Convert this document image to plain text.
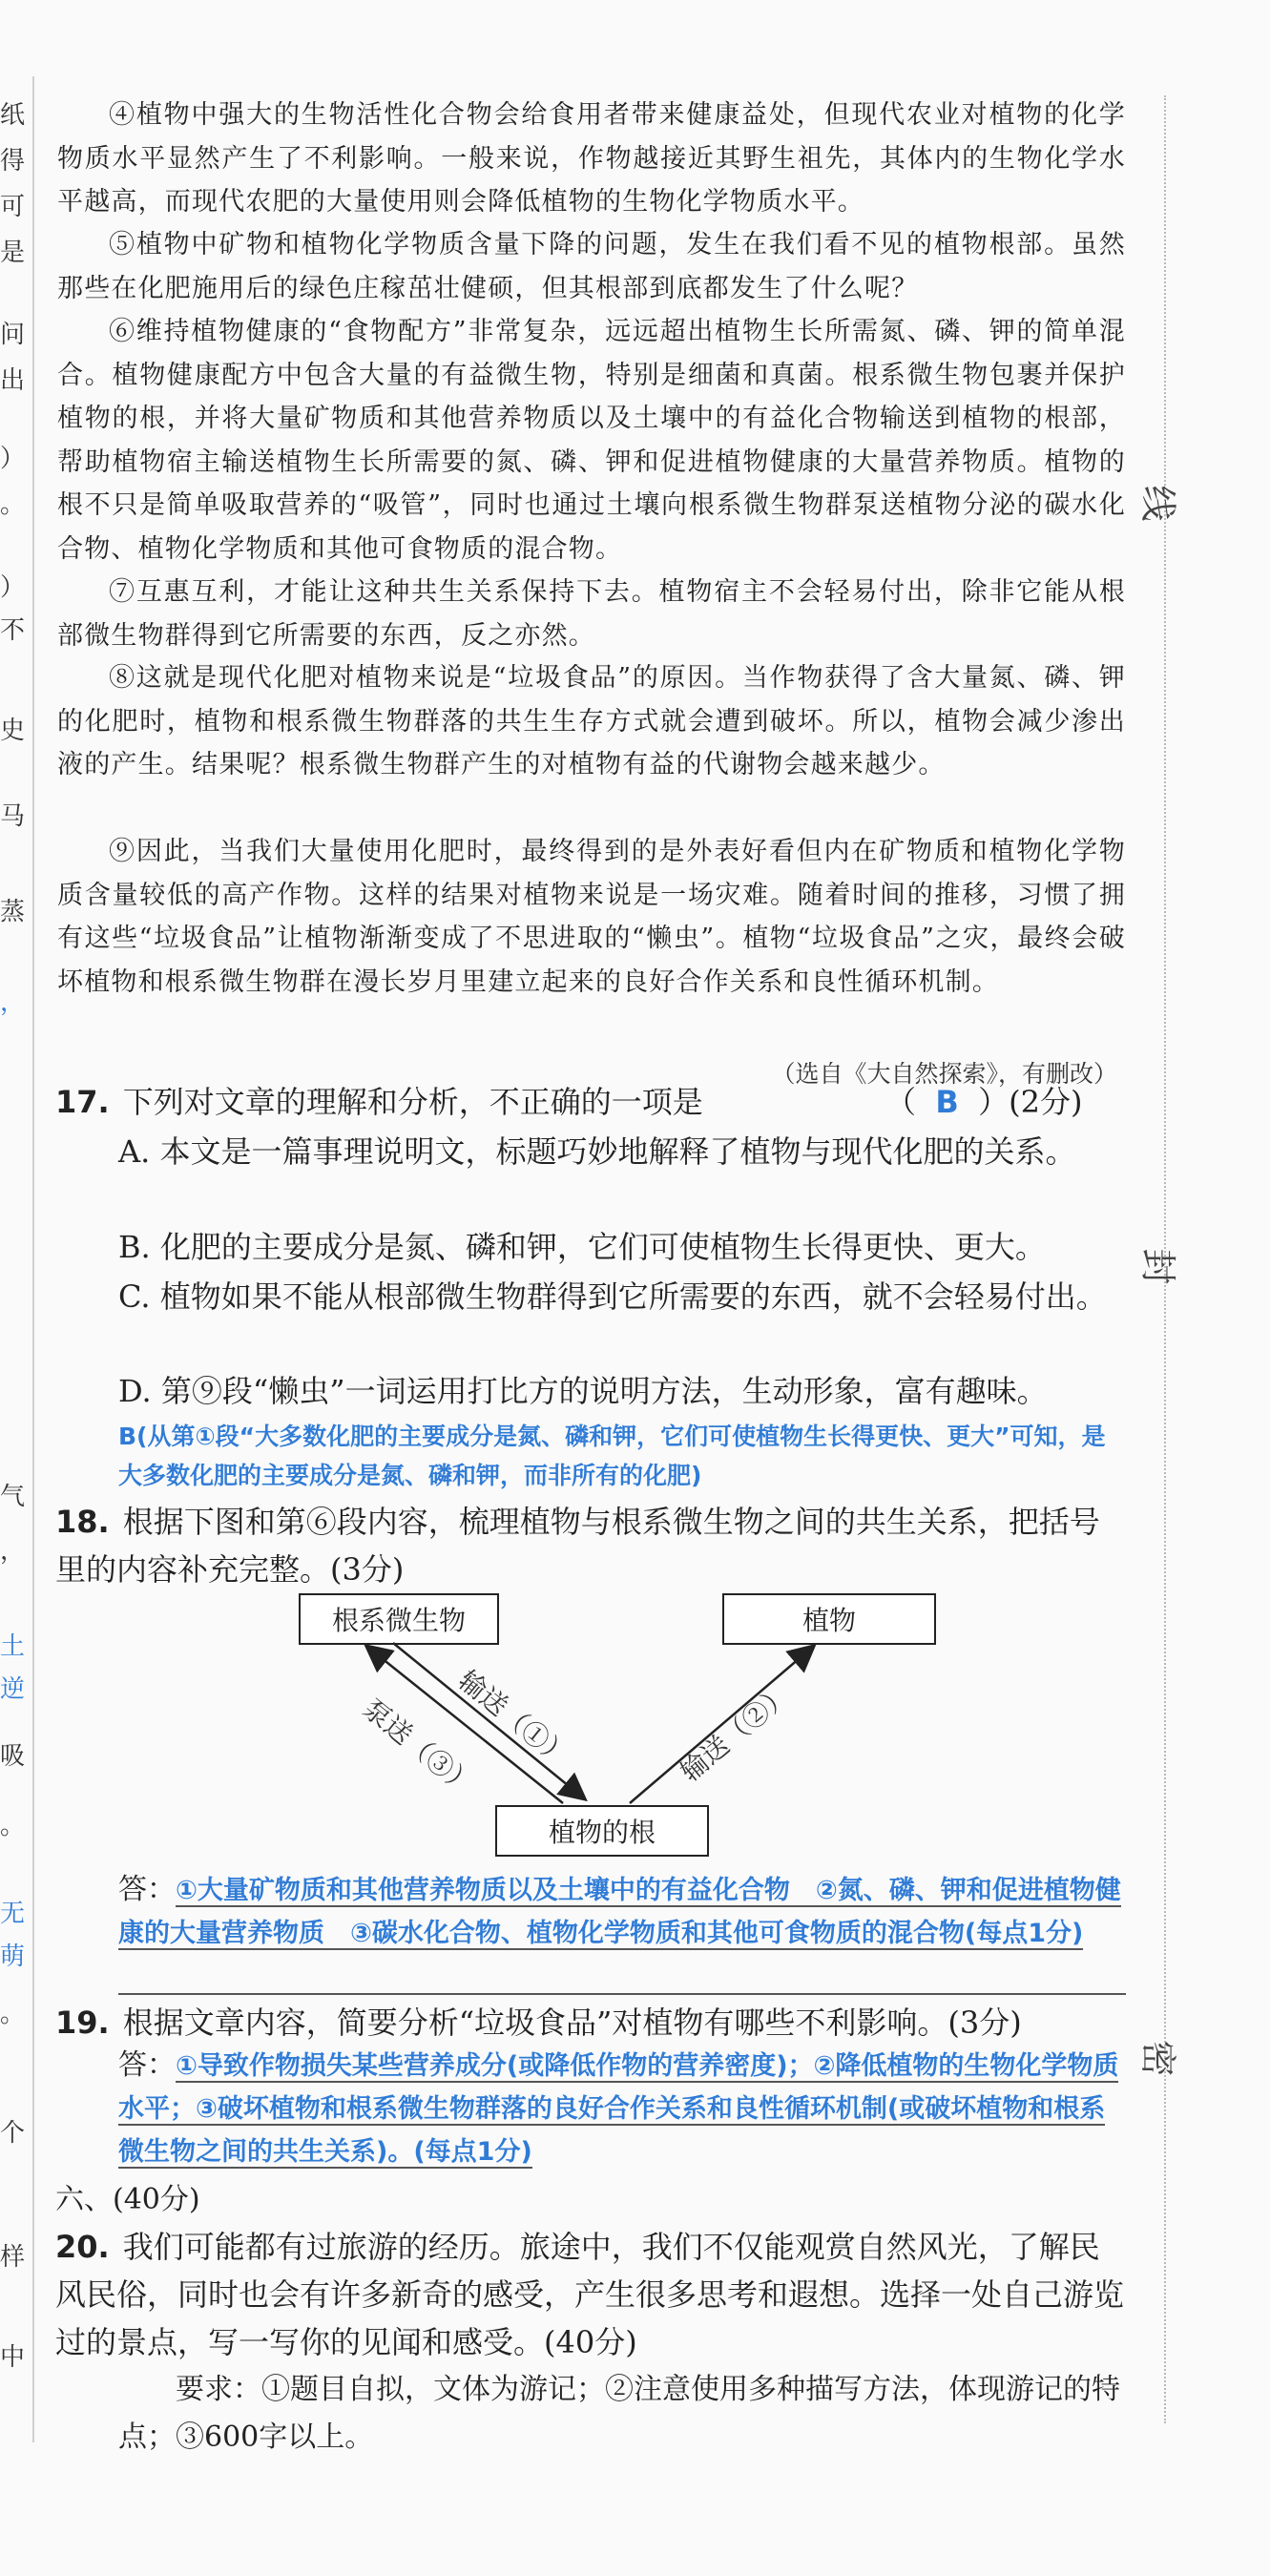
纸
得
可
是
问
出
）
。
）
不
史
马
蒸
，
气
，
土
逆
吸
。
无
萌
。
个
样
中
线
封
密
④植物中强大的生物活性化合物会给食用者带来健康益处，但现代农业对植物的化学物质水平显然产生了不利影响。一般来说，作物越接近其野生祖先，其体内的生物化学水平越高，而现代农肥的大量使用则会降低植物的生物化学物质水平。
⑤植物中矿物和植物化学物质含量下降的问题，发生在我们看不见的植物根部。虽然那些在化肥施用后的绿色庄稼茁壮健硕，但其根部到底都发生了什么呢？
⑥维持植物健康的“食物配方”非常复杂，远远超出植物生长所需氮、磷、钾的简单混合。植物健康配方中包含大量的有益微生物，特别是细菌和真菌。根系微生物包裹并保护植物的根，并将大量矿物质和其他营养物质以及土壤中的有益化合物输送到植物的根部，帮助植物宿主输送植物生长所需要的氮、磷、钾和促进植物健康的大量营养物质。植物的根不只是简单吸取营养的“吸管”，同时也通过土壤向根系微生物群泵送植物分泌的碳水化合物、植物化学物质和其他可食物质的混合物。
⑦互惠互利，才能让这种共生关系保持下去。植物宿主不会轻易付出，除非它能从根部微生物群得到它所需要的东西，反之亦然。
⑧这就是现代化肥对植物来说是“垃圾食品”的原因。当作物获得了含大量氮、磷、钾的化肥时，植物和根系微生物群落的共生生存方式就会遭到破坏。所以，植物会减少渗出液的产生。结果呢？根系微生物群产生的对植物有益的代谢物会越来越少。
⑨因此，当我们大量使用化肥时，最终得到的是外表好看但内在矿物质和植物化学物质含量较低的高产作物。这样的结果对植物来说是一场灾难。随着时间的推移，习惯了拥有这些“垃圾食品”让植物渐渐变成了不思进取的“懒虫”。植物“垃圾食品”之灾，最终会破坏植物和根系微生物群在漫长岁月里建立起来的良好合作关系和良性循环机制。
（选自《大自然探索》，有删改）
17. 下列对文章的理解和分析，不正确的一项是	（ B ）(2分)
A. 本文是一篇事理说明文，标题巧妙地解释了植物与现代化肥的关系。
B. 化肥的主要成分是氮、磷和钾，它们可使植物生长得更快、更大。
C. 植物如果不能从根部微生物群得到它所需要的东西，就不会轻易付出。
D. 第⑨段“懒虫”一词运用打比方的说明方法，生动形象，富有趣味。
B(从第①段“大多数化肥的主要成分是氮、磷和钾，它们可使植物生长得更快、更大”可知，是大多数化肥的主要成分是氮、磷和钾，而非所有的化肥)
18. 根据下图和第⑥段内容，梳理植物与根系微生物之间的共生关系，把括号里的内容补充完整。(3分)
根系微生物	植物
植物的根
输送（①）
泵送（③）	输送（②）
答：①大量矿物质和其他营养物质以及土壤中的有益化合物　②氮、磷、钾和促进植物健康的大量营养物质　③碳水化合物、植物化学物质和其他可食物质的混合物(每点1分)
19. 根据文章内容，简要分析“垃圾食品”对植物有哪些不利影响。(3分)
答：①导致作物损失某些营养成分(或降低作物的营养密度)；②降低植物的生物化学物质水平；③破坏植物和根系微生物群落的良好合作关系和良性循环机制(或破坏植物和根系微生物之间的共生关系)。(每点1分)
六、(40分)
20. 我们可能都有过旅游的经历。旅途中，我们不仅能观赏自然风光，了解民风民俗，同时也会有许多新奇的感受，产生很多思考和遐想。选择一处自己游览过的景点，写一写你的见闻和感受。(40分)
要求：①题目自拟，文体为游记；②注意使用多种描写方法，体现游记的特点；③600字以上。
